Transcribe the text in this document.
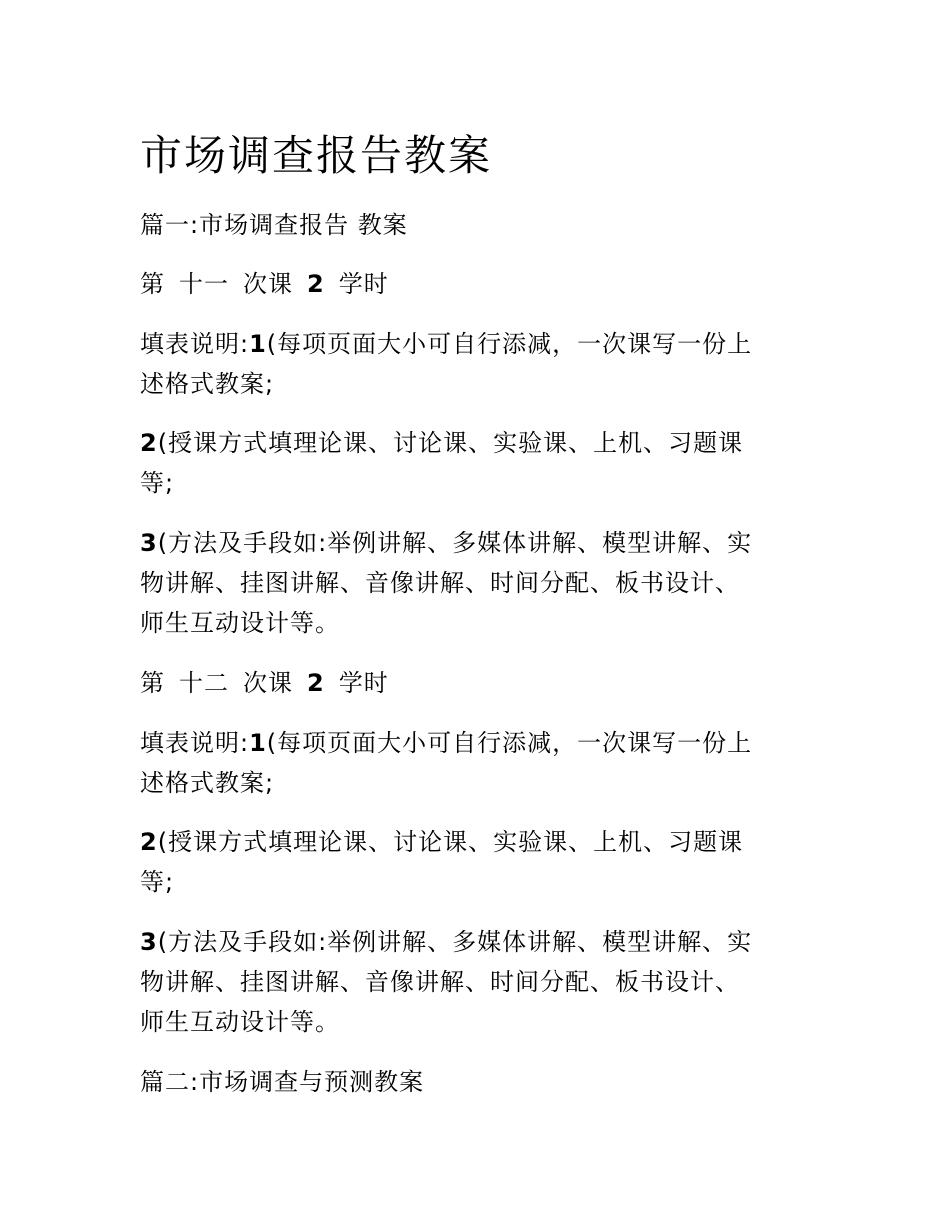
市场调查报告教案

篇一:市场调查报告 教案

第 十一 次课 2 学时

填表说明:1(每项页面大小可自行添减，一次课写一份上
述格式教案;

2(授课方式填理论课、讨论课、实验课、上机、习题课
等;

3(方法及手段如:举例讲解、多媒体讲解、模型讲解、实
物讲解、挂图讲解、音像讲解、时间分配、板书设计、
师生互动设计等。

第 十二 次课 2 学时

填表说明:1(每项页面大小可自行添减，一次课写一份上
述格式教案;

2(授课方式填理论课、讨论课、实验课、上机、习题课
等;

3(方法及手段如:举例讲解、多媒体讲解、模型讲解、实
物讲解、挂图讲解、音像讲解、时间分配、板书设计、
师生互动设计等。

篇二:市场调查与预测教案
